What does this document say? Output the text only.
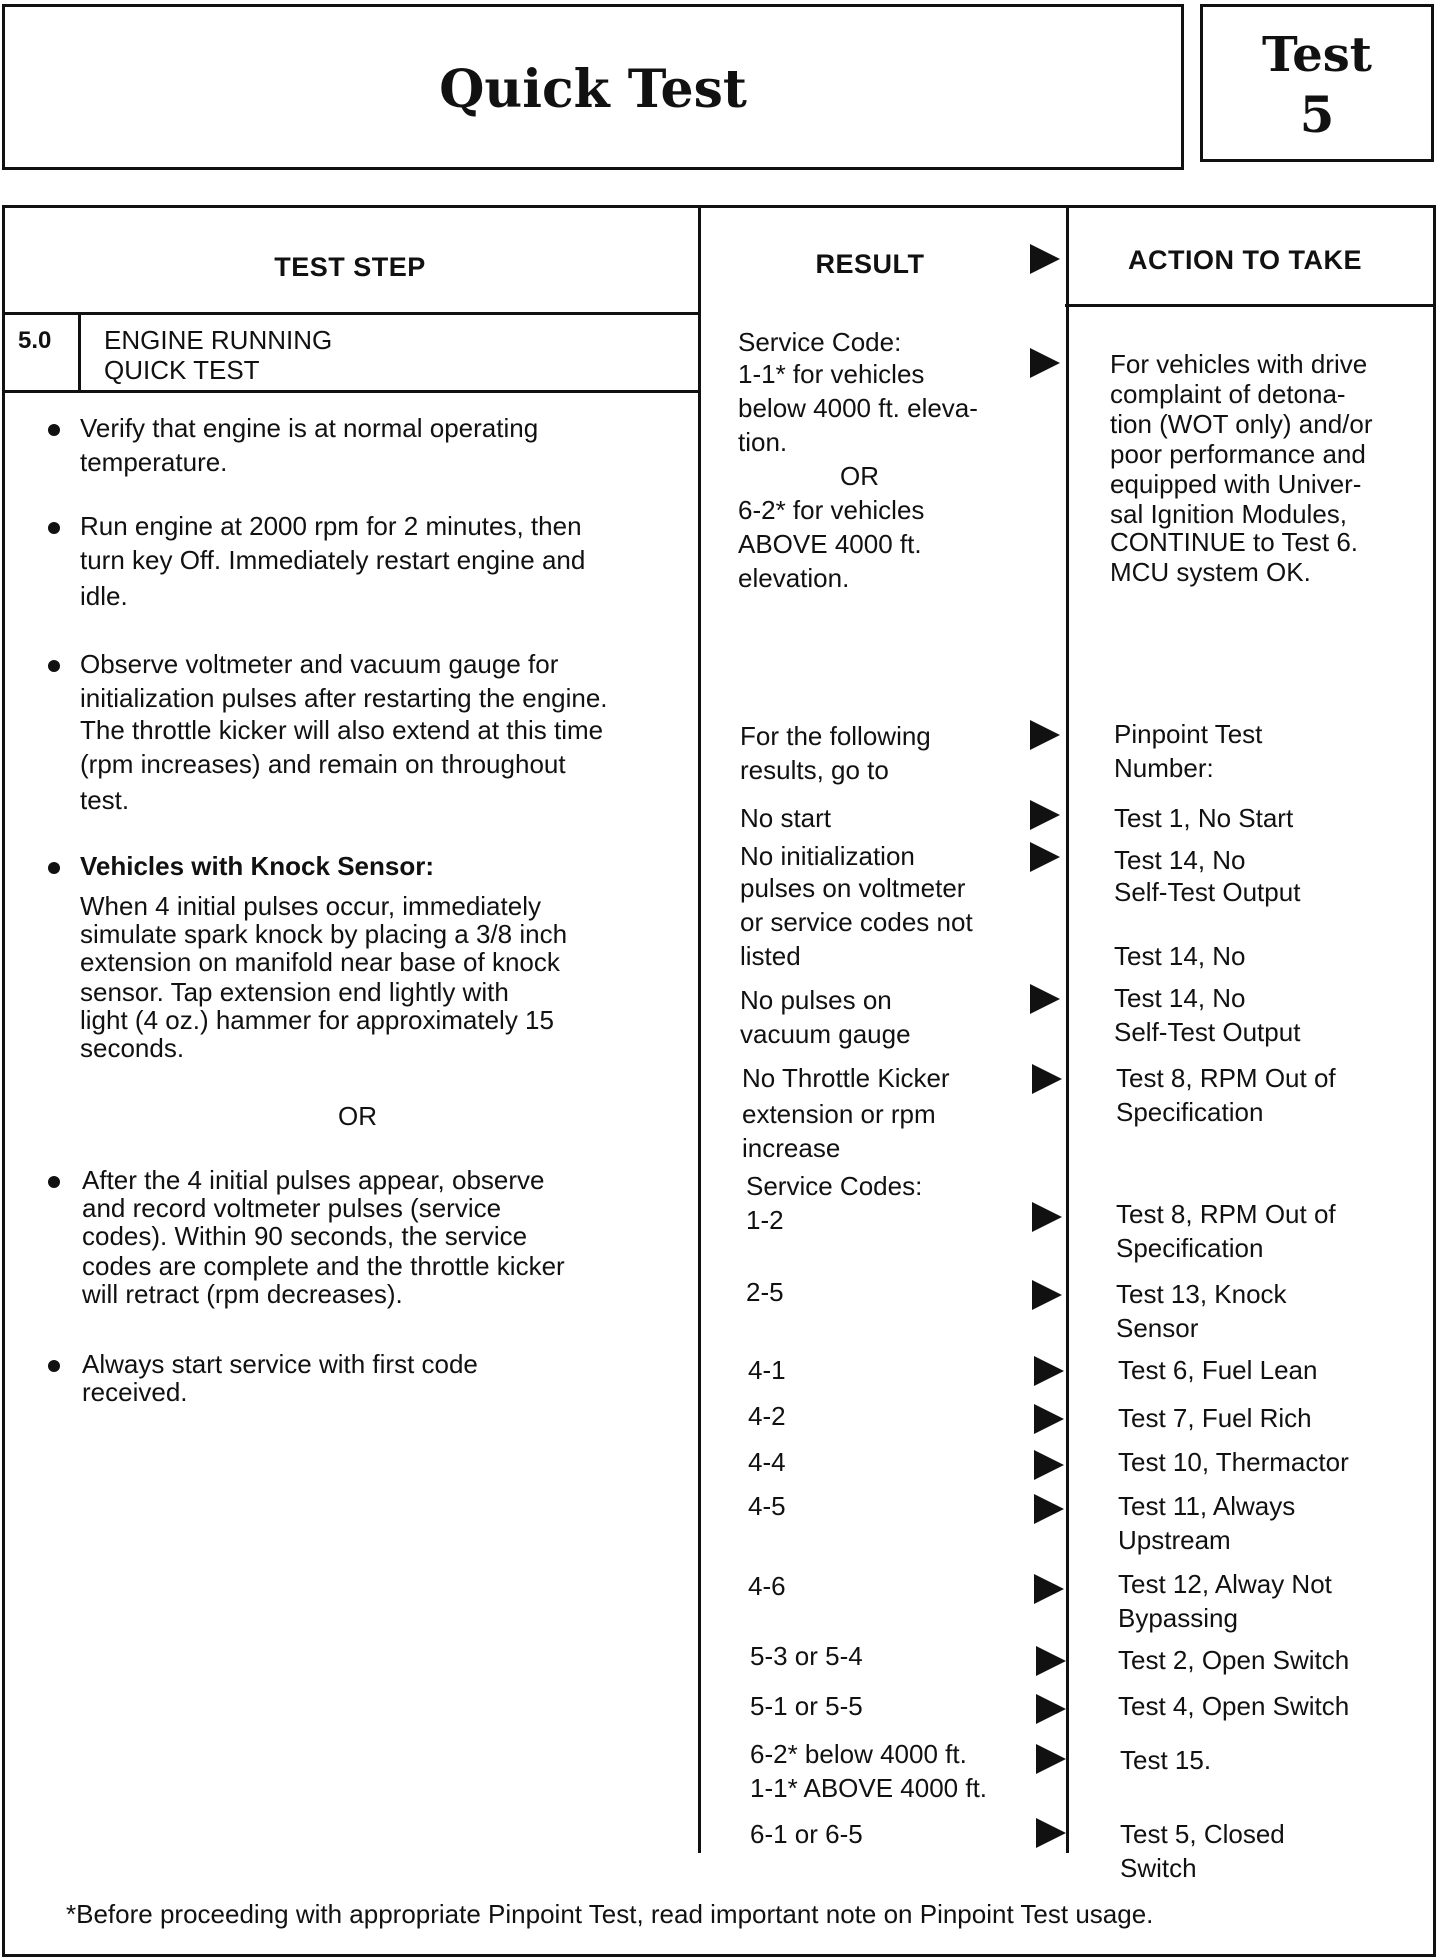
Quick Test
Test
5
TEST STEP	RESULT	ACTION TO TAKE
5.0 ENGINE RUNNING
QUICK TEST
Verify that engine is at normal operating
temperature.
Run engine at 2000 rpm for 2 minutes, then
turn key Off. Immediately restart engine and
idle.
Observe voltmeter and vacuum gauge for
initialization pulses after restarting the engine.
The throttle kicker will also extend at this time
(rpm increases) and remain on throughout
test.
Vehicles with Knock Sensor:
When 4 initial pulses occur, immediately
simulate spark knock by placing a 3/8 inch
extension on manifold near base of knock
sensor. Tap extension end lightly with
light (4 oz.) hammer for approximately 15
seconds.
OR
After the 4 initial pulses appear, observe
and record voltmeter pulses (service
codes). Within 90 seconds, the service
codes are complete and the throttle kicker
will retract (rpm decreases).
Always start service with first code
received.
Service Code:
1-1* for vehicles
below 4000 ft. eleva-
tion.
OR
6-2* for vehicles
ABOVE 4000 ft.
elevation.
For the following
results, go to
No start
No initialization
pulses on voltmeter
or service codes not
listed
No pulses on
vacuum gauge
No Throttle Kicker
extension or rpm
increase
Service Codes:
1-2
2-5
4-1
4-2
4-4
4-5
4-6
5-3 or 5-4
5-1 or 5-5
6-2* below 4000 ft.
1-1* ABOVE 4000 ft.
6-1 or 6-5
For vehicles with drive
complaint of detona-
tion (WOT only) and/or
poor performance and
equipped with Univer-
sal Ignition Modules,
CONTINUE to Test 6.
MCU system OK.
Pinpoint Test
Number:
Test 1, No Start
Test 14, No
Self-Test Output
Test 14, No
Test 14, No
Self-Test Output
Test 8, RPM Out of
Specification
Test 8, RPM Out of
Specification
Test 13, Knock
Sensor
Test 6, Fuel Lean
Test 7, Fuel Rich
Test 10, Thermactor
Test 11, Always
Upstream
Test 12, Alway Not
Bypassing
Test 2, Open Switch
Test 4, Open Switch
Test 15.
Test 5, Closed
Switch
*Before proceeding with appropriate Pinpoint Test, read important note on Pinpoint Test usage.
